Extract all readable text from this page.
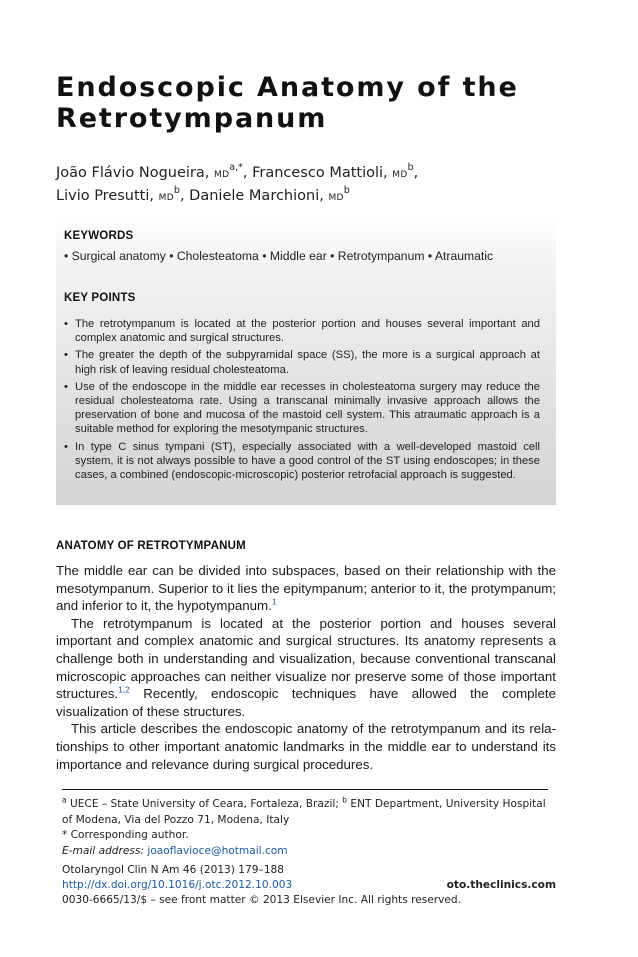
Endoscopic Anatomy of the
Retrotympanum
João Flávio Nogueira, $MD^{a,*}$, Francesco Mattioli, $MD^b$,
Livio Presutti, $MD^b$, Daniele Marchioni, $MD^b$
KEYWORDS
• Surgical anatomy • Cholesteatoma • Middle ear • Retrotympanum • Atraumatic
KEY POINTS
• The retrotympanum is located at the posterior portion and houses several important and complex anatomic and surgical structures.
• The greater the depth of the subpyramidal space (SS), the more is a surgical approach at high risk of leaving residual cholesteatoma.
• Use of the endoscope in the middle ear recesses in cholesteatoma surgery may reduce the residual cholesteatoma rate. Using a transcanal minimally invasive approach allows the preservation of bone and mucosa of the mastoid cell system. This atraumatic approach is a suitable method for exploring the mesotympanic structures.
• In type C sinus tympani (ST), especially associated with a well-developed mastoid cell system, it is not always possible to have a good control of the ST using endoscopes; in these cases, a combined (endoscopic-microscopic) posterior retrofacial approach is suggested.
ANATOMY OF RETROTYMPANUM

The middle ear can be divided into subspaces, based on their relationship with the mesotympanum. Superior to it lies the epitympanum; anterior to it, the protympanum; and inferior to it, the hypotympanum.$^1$

The retrotympanum is located at the posterior portion and houses several important and complex anatomic and surgical structures. Its anatomy represents a challenge both in understanding and visualization, because conventional transcanal microscopic approaches can neither visualize nor preserve some of those important structures.$^{1,2}$ Recently, endoscopic techniques have allowed the complete visualization of these structures.

This article describes the endoscopic anatomy of the retrotympanum and its relationships to other important anatomic landmarks in the middle ear to understand its importance and relevance during surgical procedures.

$^a$ UECE – State University of Ceara, Fortaleza, Brazil; $^b$ ENT Department, University Hospital of Modena, Via del Pozzo 71, Modena, Italy
* Corresponding author.
E-mail address: joaoflavioce@hotmail.com
Otolaryngol Clin N Am 46 (2013) 179–188
http://dx.doi.org/10.1016/j.otc.2012.10.003	oto.theclinics.com
0030-6665/13/$ – see front matter © 2013 Elsevier Inc. All rights reserved.
